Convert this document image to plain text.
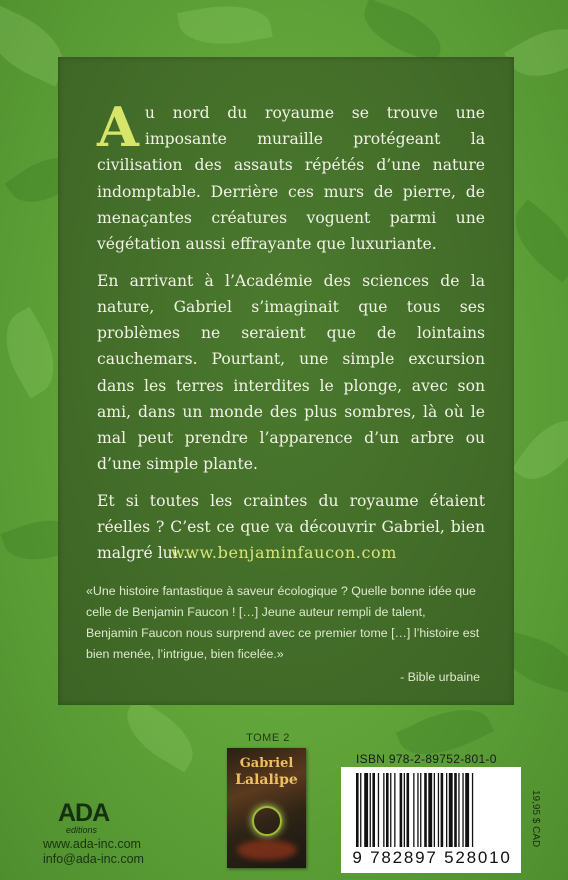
Au nord du royaume se trouve une imposante muraille protégeant la civilisation des assauts répétés d’une nature indomptable. Derrière ces murs de pierre, de menaçantes créatures voguent parmi une végétation aussi effrayante que luxuriante.

En arrivant à l’Académie des sciences de la nature, Gabriel s’imaginait que tous ses problèmes ne seraient que de lointains cauchemars. Pourtant, une simple excursion dans les terres interdites le plonge, avec son ami, dans un monde des plus sombres, là où le mal peut prendre l’apparence d’un arbre ou d’une simple plante.

Et si toutes les craintes du royaume étaient réelles ? C’est ce que va découvrir Gabriel, bien malgré lui…

www.benjaminfaucon.com
«Une histoire fantastique à saveur écologique ? Quelle bonne idée que celle de Benjamin Faucon ! […] Jeune auteur rempli de talent, Benjamin Faucon nous surprend avec ce premier tome […] l’histoire est bien menée, l’intrigue, bien ficelée.»
- Bible urbaine
TOME 2
Gabriel
Lalalipe
ADA
editions
www.ada-inc.com
info@ada-inc.com
ISBN 978-2-89752-801-0
9 782897 528010
19,95 $ CAD
